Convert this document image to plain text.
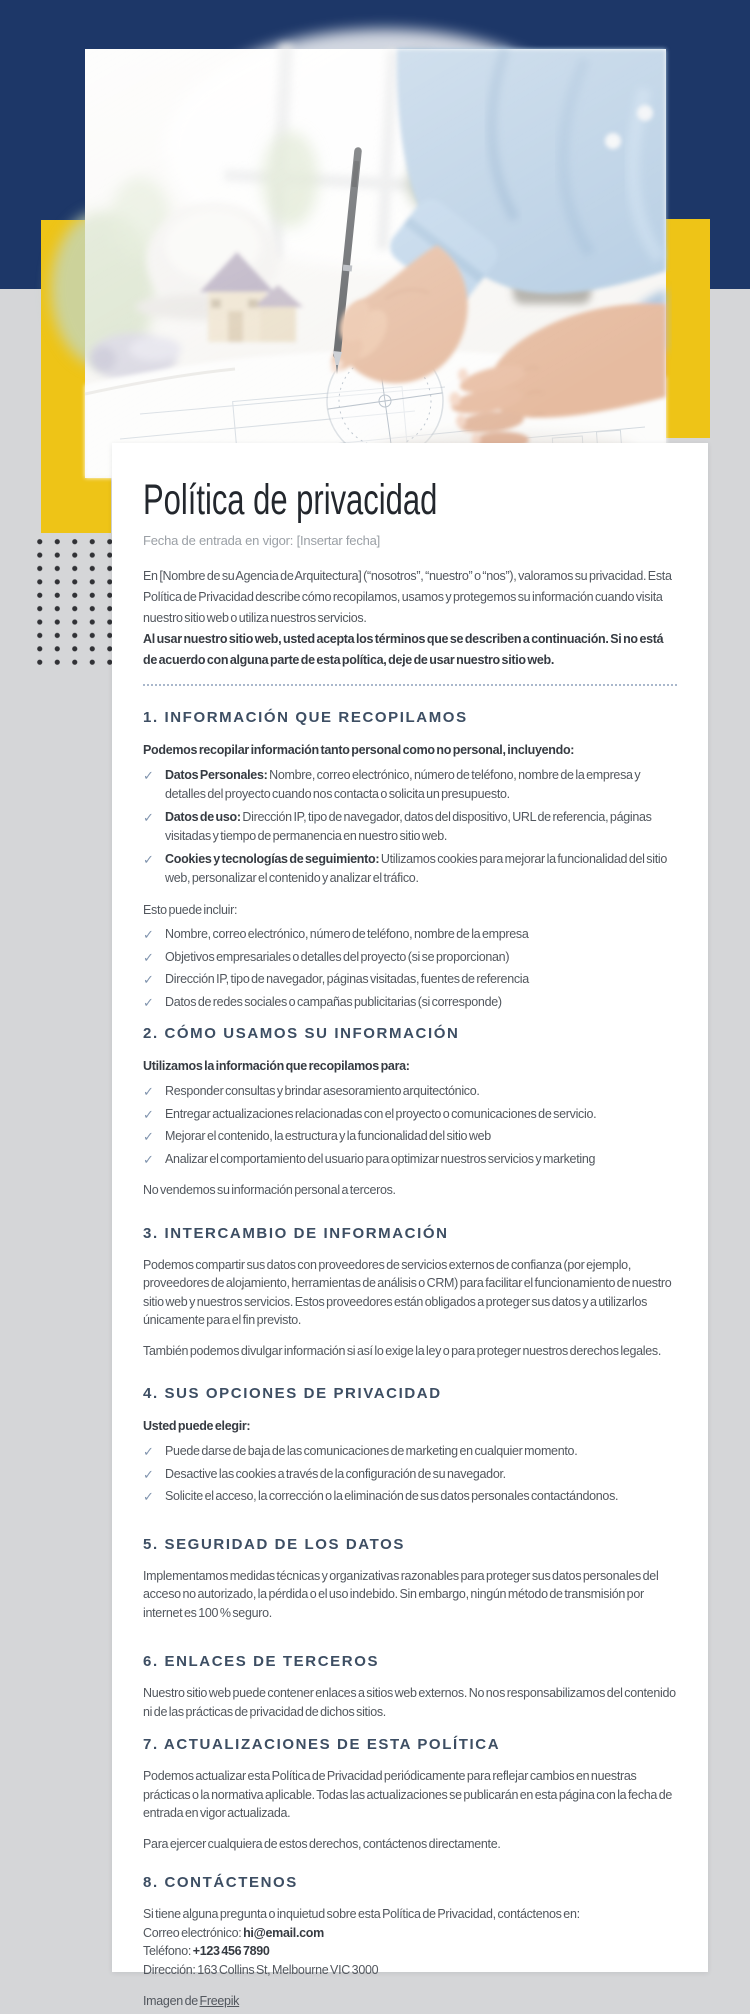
Política de privacidad
Fecha de entrada en vigor: [Insertar fecha]

En [Nombre de su Agencia de Arquitectura] (“nosotros”, “nuestro” o “nos”), valoramos su privacidad. Esta Política de Privacidad describe cómo recopilamos, usamos y protegemos su información cuando visita nuestro sitio web o utiliza nuestros servicios.
Al usar nuestro sitio web, usted acepta los términos que se describen a continuación. Si no está de acuerdo con alguna parte de esta política, deje de usar nuestro sitio web.

1. INFORMACIÓN QUE RECOPILAMOS

Podemos recopilar información tanto personal como no personal, incluyendo:

✓ Datos Personales: Nombre, correo electrónico, número de teléfono, nombre de la empresa y detalles del proyecto cuando nos contacta o solicita un presupuesto.
✓ Datos de uso: Dirección IP, tipo de navegador, datos del dispositivo, URL de referencia, páginas visitadas y tiempo de permanencia en nuestro sitio web.
✓ Cookies y tecnologías de seguimiento: Utilizamos cookies para mejorar la funcionalidad del sitio web, personalizar el contenido y analizar el tráfico.

Esto puede incluir:

✓ Nombre, correo electrónico, número de teléfono, nombre de la empresa
✓ Objetivos empresariales o detalles del proyecto (si se proporcionan)
✓ Dirección IP, tipo de navegador, páginas visitadas, fuentes de referencia
✓ Datos de redes sociales o campañas publicitarias (si corresponde)
2. CÓMO USAMOS SU INFORMACIÓN

Utilizamos la información que recopilamos para:

✓ Responder consultas y brindar asesoramiento arquitectónico.
✓ Entregar actualizaciones relacionadas con el proyecto o comunicaciones de servicio.
✓ Mejorar el contenido, la estructura y la funcionalidad del sitio web
✓ Analizar el comportamiento del usuario para optimizar nuestros servicios y marketing

No vendemos su información personal a terceros.

3. INTERCAMBIO DE INFORMACIÓN

Podemos compartir sus datos con proveedores de servicios externos de confianza (por ejemplo, proveedores de alojamiento, herramientas de análisis o CRM) para facilitar el funcionamiento de nuestro sitio web y nuestros servicios. Estos proveedores están obligados a proteger sus datos y a utilizarlos únicamente para el fin previsto.

También podemos divulgar información si así lo exige la ley o para proteger nuestros derechos legales.

4. SUS OPCIONES DE PRIVACIDAD

Usted puede elegir:

✓ Puede darse de baja de las comunicaciones de marketing en cualquier momento.
✓ Desactive las cookies a través de la configuración de su navegador.
✓ Solicite el acceso, la corrección o la eliminación de sus datos personales contactándonos.
5. SEGURIDAD DE LOS DATOS

Implementamos medidas técnicas y organizativas razonables para proteger sus datos personales del acceso no autorizado, la pérdida o el uso indebido. Sin embargo, ningún método de transmisión por internet es 100 % seguro.

6. ENLACES DE TERCEROS

Nuestro sitio web puede contener enlaces a sitios web externos. No nos responsabilizamos del contenido ni de las prácticas de privacidad de dichos sitios.

7. ACTUALIZACIONES DE ESTA POLÍTICA

Podemos actualizar esta Política de Privacidad periódicamente para reflejar cambios en nuestras prácticas o la normativa aplicable. Todas las actualizaciones se publicarán en esta página con la fecha de entrada en vigor actualizada.

Para ejercer cualquiera de estos derechos, contáctenos directamente.

8. CONTÁCTENOS

Si tiene alguna pregunta o inquietud sobre esta Política de Privacidad, contáctenos en:

Correo electrónico: hi@email.com
Teléfono: +123 456 7890
Dirección: 163 Collins St, Melbourne VIC 3000
Imagen de Freepik
